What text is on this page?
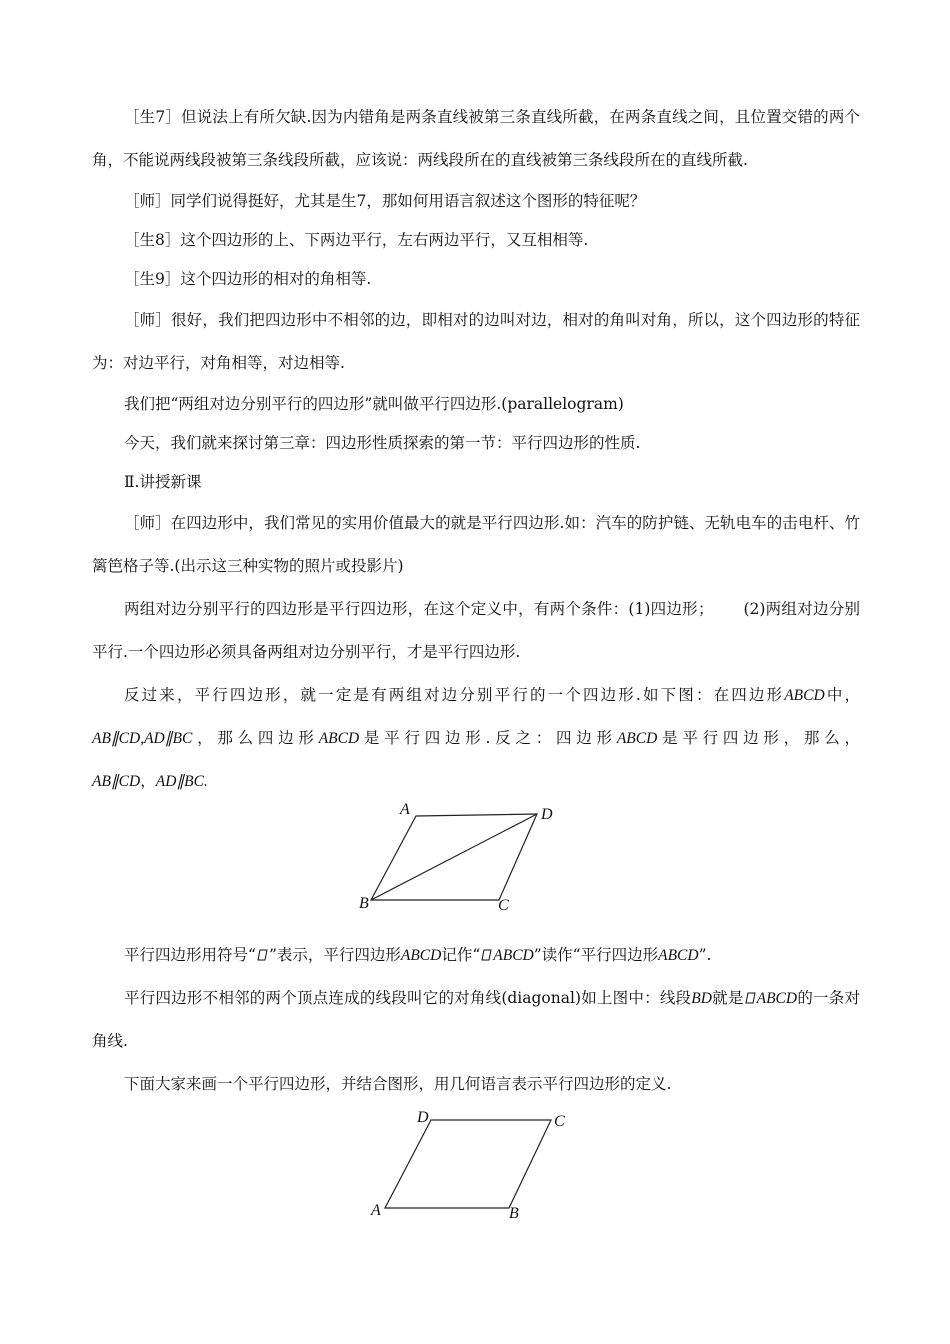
［生7］但说法上有所欠缺.因为内错角是两条直线被第三条直线所截，在两条直线之间，且位置交错的两个角，不能说两线段被第三条线段所截，应该说：两线段所在的直线被第三条线段所在的直线所截.

［师］同学们说得挺好，尤其是生7，那如何用语言叙述这个图形的特征呢？

［生8］这个四边形的上、下两边平行，左右两边平行，又互相相等.

［生9］这个四边形的相对的角相等.

［师］很好，我们把四边形中不相邻的边，即相对的边叫对边，相对的角叫对角，所以，这个四边形的特征为：对边平行，对角相等，对边相等.

我们把“两组对边分别平行的四边形”就叫做平行四边形.(parallelogram)

今天，我们就来探讨第三章：四边形性质探索的第一节：平行四边形的性质.

Ⅱ.讲授新课

［师］在四边形中，我们常见的实用价值最大的就是平行四边形.如：汽车的防护链、无轨电车的击电杆、竹篱笆格子等.(出示这三种实物的照片或投影片)

两组对边分别平行的四边形是平行四边形，在这个定义中，有两个条件：(1)四边形； (2)两组对边分别平行.一个四边形必须具备两组对边分别平行，才是平行四边形.

反过来，平行四边形，就一定是有两组对边分别平行的一个四边形.如下图：在四边形ABCD中，

AB∥CD,AD∥BC，那么四边形ABCD是平行四边形.反之：四边形ABCD是平行四边形，那么，

AB∥CD，AD∥BC.

A	D
B	C

平行四边形用符号“ ”表示，平行四边形ABCD记作“ ABCD”读作“平行四边形ABCD”.

平行四边形不相邻的两个顶点连成的线段叫它的对角线(diagonal)如上图中：线段BD就是 ABCD的一条对角线.

下面大家来画一个平行四边形，并结合图形，用几何语言表示平行四边形的定义.

D	C
A	B
